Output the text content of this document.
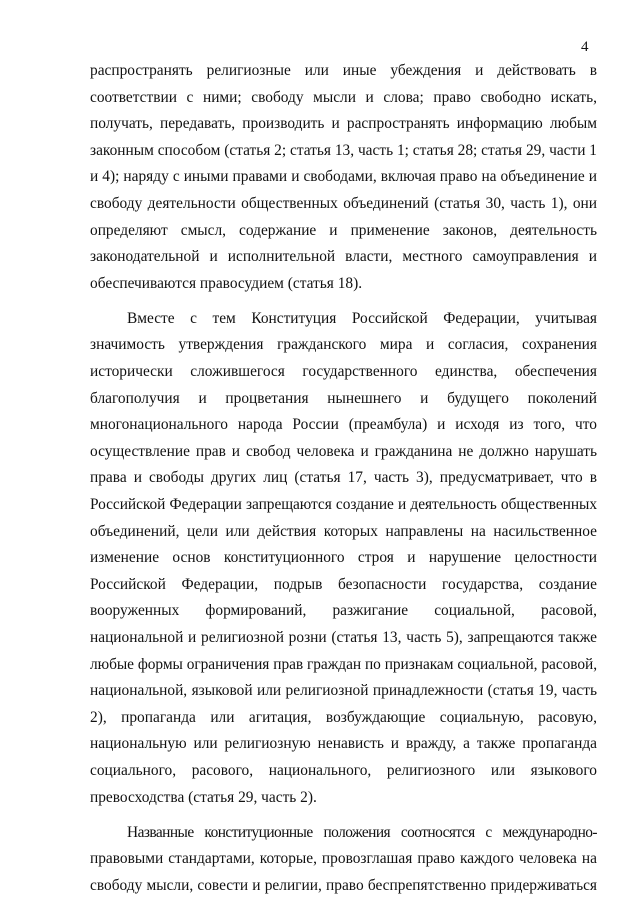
4
распространять религиозные или иные убеждения и действовать в
соответствии с ними; свободу мысли и слова; право свободно искать,
получать, передавать, производить и распространять информацию любым
законным способом (статья 2; статья 13, часть 1; статья 28; статья 29, части 1
и 4); наряду с иными правами и свободами, включая право на объединение и
свободу деятельности общественных объединений (статья 30, часть 1), они
определяют смысл, содержание и применение законов, деятельность
законодательной и исполнительной власти, местного самоуправления и
обеспечиваются правосудием (статья 18).
Вместе с тем Конституция Российской Федерации, учитывая
значимость утверждения гражданского мира и согласия, сохранения
исторически сложившегося государственного единства, обеспечения
благополучия и процветания нынешнего и будущего поколений
многонационального народа России (преамбула) и исходя из того, что
осуществление прав и свобод человека и гражданина не должно нарушать
права и свободы других лиц (статья 17, часть 3), предусматривает, что в
Российской Федерации запрещаются создание и деятельность общественных
объединений, цели или действия которых направлены на насильственное
изменение основ конституционного строя и нарушение целостности
Российской Федерации, подрыв безопасности государства, создание
вооруженных формирований, разжигание социальной, расовой,
национальной и религиозной розни (статья 13, часть 5), запрещаются также
любые формы ограничения прав граждан по признакам социальной, расовой,
национальной, языковой или религиозной принадлежности (статья 19, часть
2), пропаганда или агитация, возбуждающие социальную, расовую,
национальную или религиозную ненависть и вражду, а также пропаганда
социального, расового, национального, религиозного или языкового
превосходства (статья 29, часть 2).
Названные конституционные положения соотносятся с международно-
правовыми стандартами, которые, провозглашая право каждого человека на
свободу мысли, совести и религии, право беспрепятственно придерживаться
